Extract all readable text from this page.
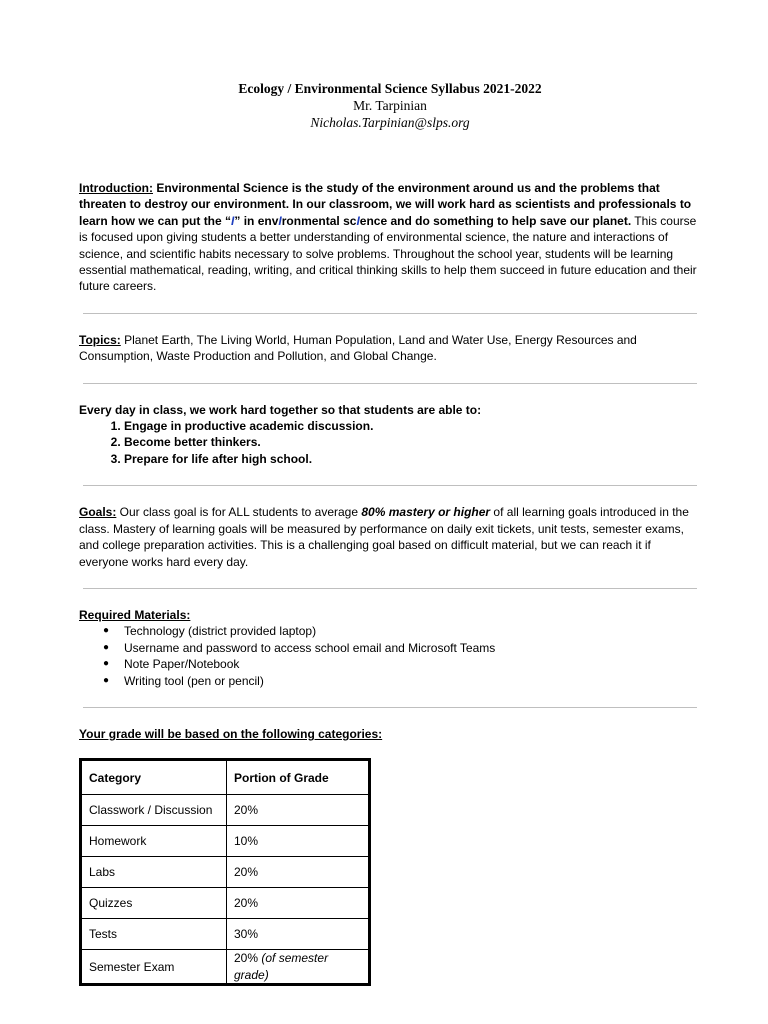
Ecology / Environmental Science Syllabus 2021-2022
Mr. Tarpinian
Nicholas.Tarpinian@slps.org

Introduction: Environmental Science is the study of the environment around us and the problems that threaten to destroy our environment. In our classroom, we will work hard as scientists and professionals to learn how we can put the “I” in envIronmental scIence and do something to help save our planet. This course is focused upon giving students a better understanding of environmental science, the nature and interactions of science, and scientific habits necessary to solve problems. Throughout the school year, students will be learning essential mathematical, reading, writing, and critical thinking skills to help them succeed in future education and their future careers.

Topics: Planet Earth, The Living World, Human Population, Land and Water Use, Energy Resources and Consumption, Waste Production and Pollution, and Global Change.

Every day in class, we work hard together so that students are able to:

1. Engage in productive academic discussion.
2. Become better thinkers.
3. Prepare for life after high school.

Goals: Our class goal is for ALL students to average 80% mastery or higher of all learning goals introduced in the class. Mastery of learning goals will be measured by performance on daily exit tickets, unit tests, semester exams, and college preparation activities. This is a challenging goal based on difficult material, but we can reach it if everyone works hard every day.

Required Materials:

● Technology (district provided laptop)
● Username and password to access school email and Microsoft Teams
● Note Paper/Notebook
● Writing tool (pen or pencil)

Your grade will be based on the following categories:

Category	Portion of Grade
Classwork / Discussion	20%
Homework	10%
Labs	20%
Quizzes	20%
Tests	30%
Semester Exam	20% (of semester grade)
